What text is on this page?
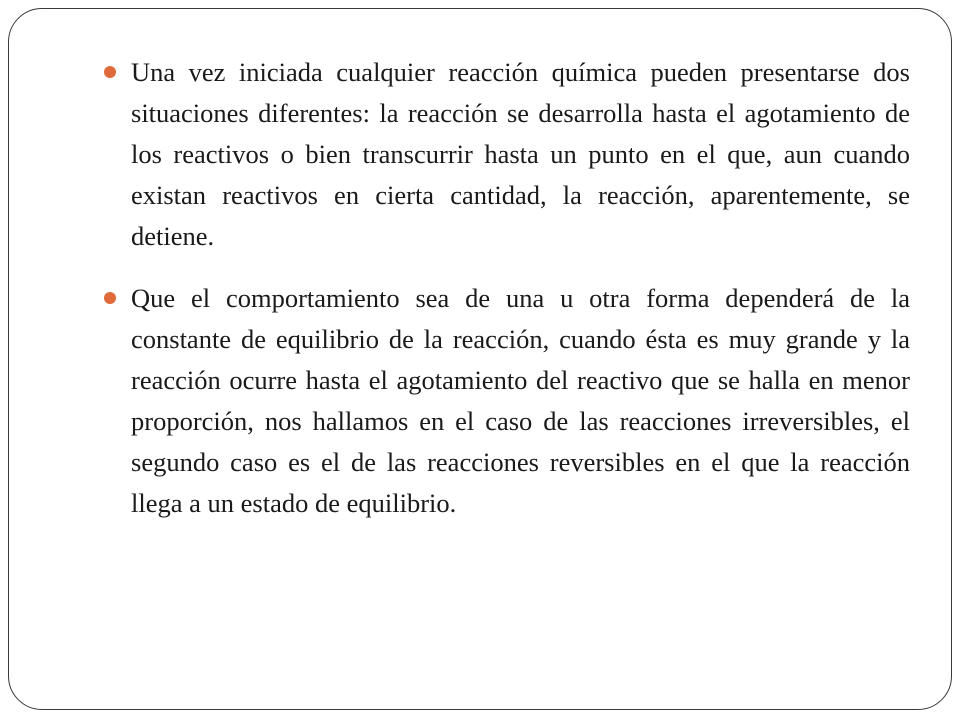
Una vez iniciada cualquier reacción química pueden presentarse dos situaciones diferentes: la reacción se desarrolla hasta el agotamiento de los reactivos o bien transcurrir hasta un punto en el que, aun cuando existan reactivos en cierta cantidad, la reacción, aparentemente, se detiene.
Que el comportamiento sea de una u otra forma dependerá de la constante de equilibrio de la reacción, cuando ésta es muy grande y la reacción ocurre hasta el agotamiento del reactivo que se halla en menor proporción, nos hallamos en el caso de las reacciones irreversibles, el segundo caso es el de las reacciones reversibles en el que la reacción llega a un estado de equilibrio.
